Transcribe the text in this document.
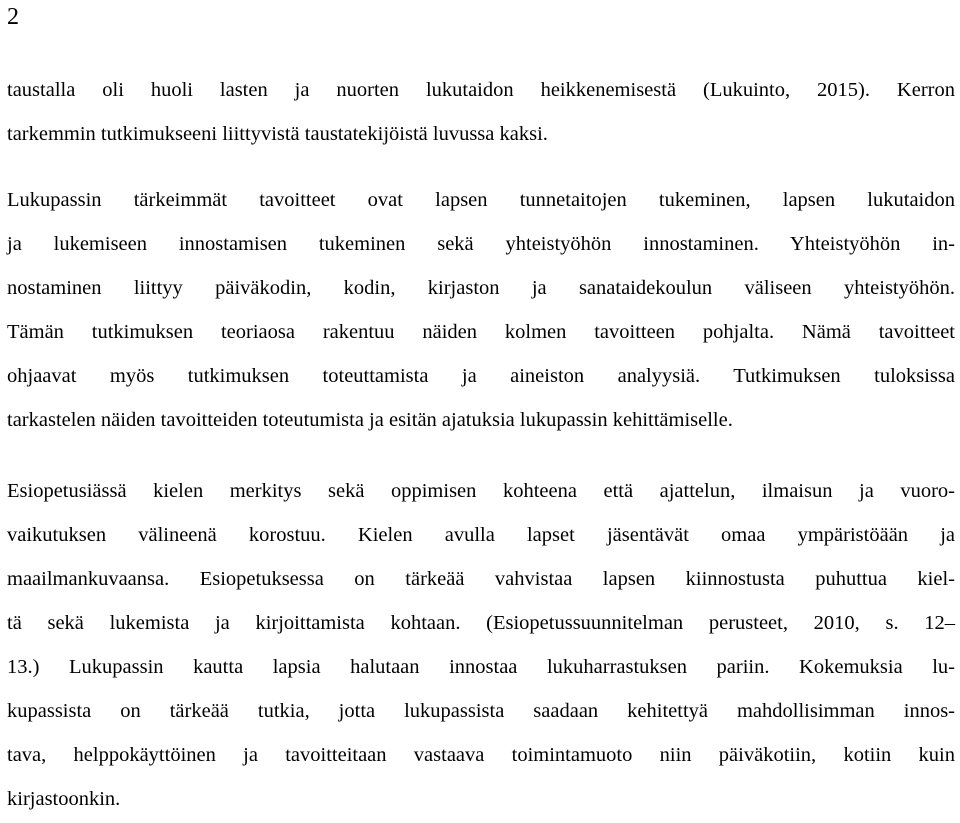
2
taustalla oli huoli lasten ja nuorten lukutaidon heikkenemisestä (Lukuinto, 2015). Kerron
tarkemmin tutkimukseeni liittyvistä taustatekijöistä luvussa kaksi.
Lukupassin tärkeimmät tavoitteet ovat lapsen tunnetaitojen tukeminen, lapsen lukutaidon
ja lukemiseen innostamisen tukeminen sekä yhteistyöhön innostaminen. Yhteistyöhön in-
nostaminen liittyy päiväkodin, kodin, kirjaston ja sanataidekoulun väliseen yhteistyöhön.
Tämän tutkimuksen teoriaosa rakentuu näiden kolmen tavoitteen pohjalta. Nämä tavoitteet
ohjaavat myös tutkimuksen toteuttamista ja aineiston analyysiä. Tutkimuksen tuloksissa
tarkastelen näiden tavoitteiden toteutumista ja esitän ajatuksia lukupassin kehittämiselle.
Esiopetusiässä kielen merkitys sekä oppimisen kohteena että ajattelun, ilmaisun ja vuoro-
vaikutuksen välineenä korostuu. Kielen avulla lapset jäsentävät omaa ympäristöään ja
maailmankuvaansa. Esiopetuksessa on tärkeää vahvistaa lapsen kiinnostusta puhuttua kiel-
tä sekä lukemista ja kirjoittamista kohtaan. (Esiopetussuunnitelman perusteet, 2010, s. 12–
13.) Lukupassin kautta lapsia halutaan innostaa lukuharrastuksen pariin. Kokemuksia lu-
kupassista on tärkeää tutkia, jotta lukupassista saadaan kehitettyä mahdollisimman innos-
tava, helppokäyttöinen ja tavoitteitaan vastaava toimintamuoto niin päiväkotiin, kotiin kuin
kirjastoonkin.
